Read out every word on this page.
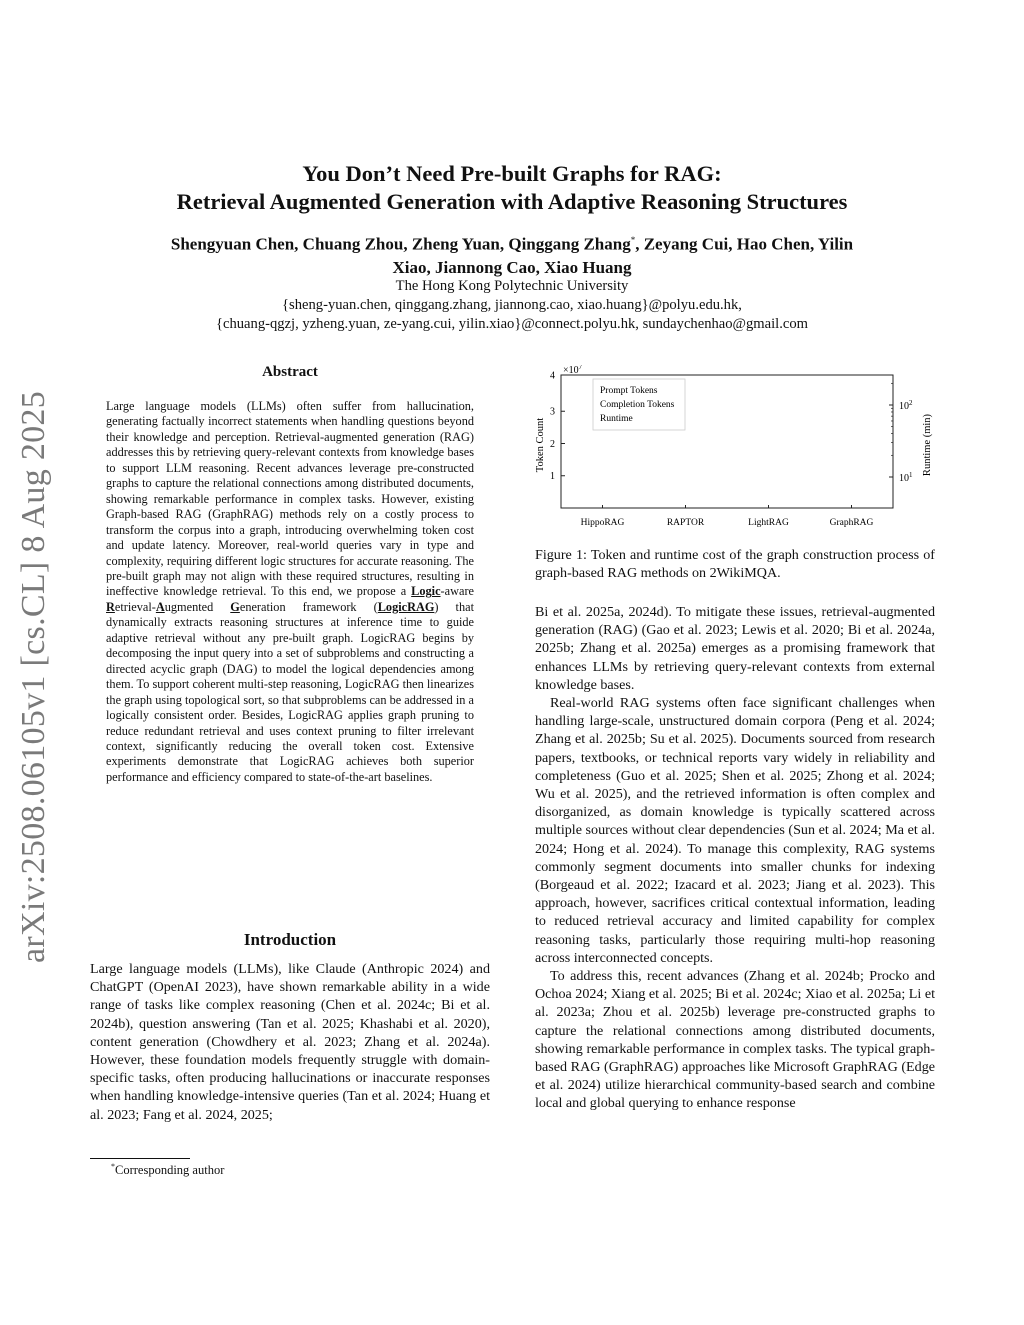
arXiv:2508.06105v1 [cs.CL] 8 Aug 2025
You Don’t Need Pre-built Graphs for RAG:
Retrieval Augmented Generation with Adaptive Reasoning Structures
Shengyuan Chen, Chuang Zhou, Zheng Yuan, Qinggang Zhang*, Zeyang Cui, Hao Chen, Yilin
Xiao, Jiannong Cao, Xiao Huang
The Hong Kong Polytechnic University
{sheng-yuan.chen, qinggang.zhang, jiannong.cao, xiao.huang}@polyu.edu.hk,
{chuang-qgzj, yzheng.yuan, ze-yang.cui, yilin.xiao}@connect.polyu.hk, sundaychenhao@gmail.com
Abstract
Large language models (LLMs) often suffer from hallucination, generating factually incorrect statements when handling questions beyond their knowledge and perception. Retrieval-augmented generation (RAG) addresses this by retrieving query-relevant contexts from knowledge bases to support LLM reasoning. Recent advances leverage pre-constructed graphs to capture the relational connections among distributed documents, showing remarkable performance in complex tasks. However, existing Graph-based RAG (GraphRAG) methods rely on a costly process to transform the corpus into a graph, introducing overwhelming token cost and update latency. Moreover, real-world queries vary in type and complexity, requiring different logic structures for accurate reasoning. The pre-built graph may not align with these required structures, resulting in ineffective knowledge retrieval. To this end, we propose a Logic-aware Retrieval-Augmented Generation framework (LogicRAG) that dynamically extracts reasoning structures at inference time to guide adaptive retrieval without any pre-built graph. LogicRAG begins by decomposing the input query into a set of subproblems and constructing a directed acyclic graph (DAG) to model the logical dependencies among them. To support coherent multi-step reasoning, LogicRAG then linearizes the graph using topological sort, so that subproblems can be addressed in a logically consistent order. Besides, LogicRAG applies graph pruning to reduce redundant retrieval and uses context pruning to filter irrelevant context, significantly reducing the overall token cost. Extensive experiments demonstrate that LogicRAG achieves both superior performance and efficiency compared to state-of-the-art baselines.
Introduction
Large language models (LLMs), like Claude (Anthropic 2024) and ChatGPT (OpenAI 2023), have shown remarkable ability in a wide range of tasks like complex reasoning (Chen et al. 2024c; Bi et al. 2024b), question answering (Tan et al. 2025; Khashabi et al. 2020), content generation (Chowdhery et al. 2023; Zhang et al. 2024a). However, these foundation models frequently struggle with domain-specific tasks, often producing hallucinations or inaccurate responses when handling knowledge-intensive queries (Tan et al. 2024; Huang et al. 2023; Fang et al. 2024, 2025;
*Corresponding author
$\times 10^7$
Token Count	Runtime (min)
Prompt Tokens
Completion Tokens
Runtime
1
2
3
4
$10^1$
$10^2$
HippoRAG	RAPTOR	LightRAG	GraphRAG
Figure 1: Token and runtime cost of the graph construction process of graph-based RAG methods on 2WikiMQA.
Bi et al. 2025a, 2024d). To mitigate these issues, retrieval-augmented generation (RAG) (Gao et al. 2023; Lewis et al. 2020; Bi et al. 2024a, 2025b; Zhang et al. 2025a) emerges as a promising framework that enhances LLMs by retrieving query-relevant contexts from external knowledge bases.
Real-world RAG systems often face significant challenges when handling large-scale, unstructured domain corpora (Peng et al. 2024; Zhang et al. 2025b; Su et al. 2025). Documents sourced from research papers, textbooks, or technical reports vary widely in reliability and completeness (Guo et al. 2025; Shen et al. 2025; Zhong et al. 2024; Wu et al. 2025), and the retrieved information is often complex and disorganized, as domain knowledge is typically scattered across multiple sources without clear dependencies (Sun et al. 2024; Ma et al. 2024; Hong et al. 2024). To manage this complexity, RAG systems commonly segment documents into smaller chunks for indexing (Borgeaud et al. 2022; Izacard et al. 2023; Jiang et al. 2023). This approach, however, sacrifices critical contextual information, leading to reduced retrieval accuracy and limited capability for complex reasoning tasks, particularly those requiring multi-hop reasoning across interconnected concepts.
To address this, recent advances (Zhang et al. 2024b; Procko and Ochoa 2024; Xiang et al. 2025; Bi et al. 2024c; Xiao et al. 2025a; Li et al. 2023a; Zhou et al. 2025b) leverage pre-constructed graphs to capture the relational connections among distributed documents, showing remarkable performance in complex tasks. The typical graph-based RAG (GraphRAG) approaches like Microsoft GraphRAG (Edge et al. 2024) utilize hierarchical community-based search and combine local and global querying to enhance response
